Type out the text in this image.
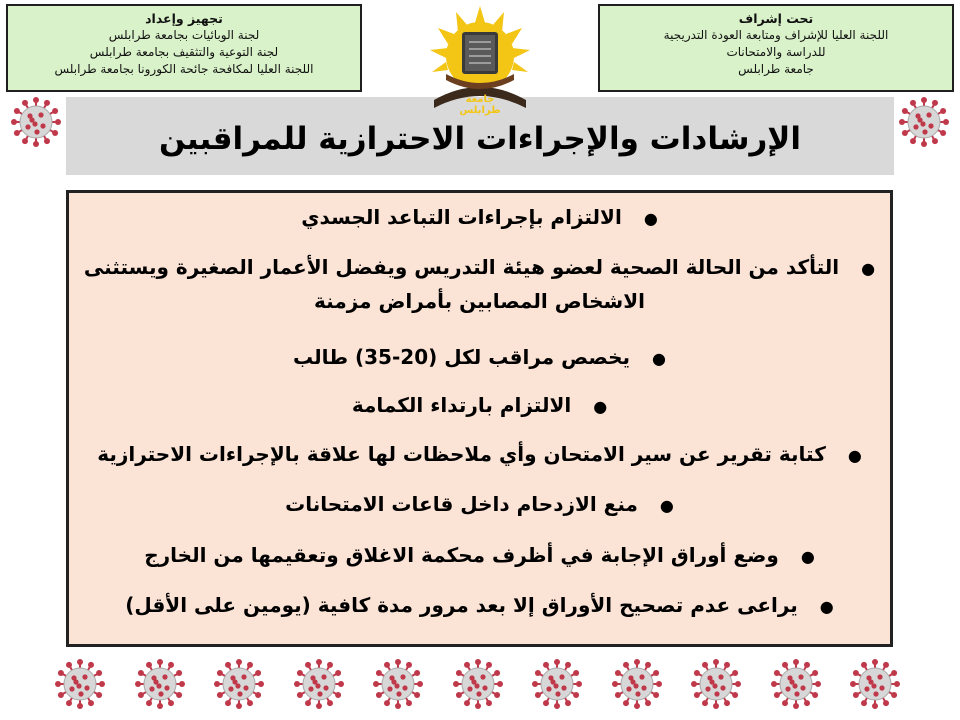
تحت إشراف
اللجنة العليا للإشراف ومتابعة العودة التدريجية
للدراسة والامتحانات
جامعة طرابلس
تجهيز وإعداد
لجنة الوبائيات بجامعة طرابلس
لجنة التوعية والتثقيف بجامعة طرابلس
اللجنة العليا لمكافحة جائحة الكورونا بجامعة طرابلس
جامعة طرابلس
الإرشادات والإجراءات الاحترازية للمراقبين
●الالتزام بإجراءات التباعد الجسدي
●التأكد من الحالة الصحية لعضو هيئة التدريس ويفضل الأعمار الصغيرة ويستثنى
الاشخاص المصابين بأمراض مزمنة
●يخصص مراقب لكل (20-35) طالب
●الالتزام بارتداء الكمامة
●كتابة تقرير عن سير الامتحان وأي ملاحظات لها علاقة بالإجراءات الاحترازية
●منع الازدحام داخل قاعات الامتحانات
●وضع أوراق الإجابة في أظرف محكمة الاغلاق وتعقيمها من الخارج
●يراعى عدم تصحيح الأوراق إلا بعد مرور مدة كافية (يومين على الأقل)
